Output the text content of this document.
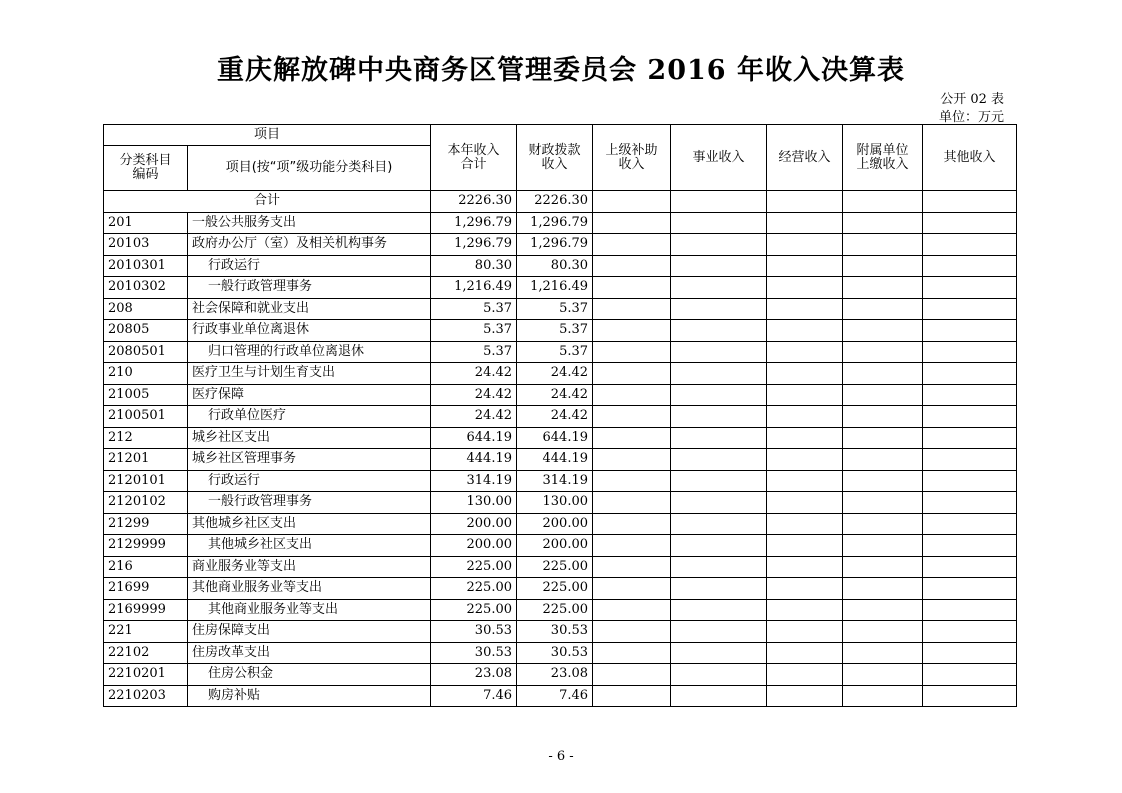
重庆解放碑中央商务区管理委员会 2016 年收入决算表
公开 02 表
单位：万元
项目		本年收入合计	财政拨款收入	上级补助收入	事业收入	经营收入	附属单位上缴收入	其他收入
分类科目编码	项目(按“项”级功能分类科目)							
合计		2226.30	2226.30					
201	一般公共服务支出	1,296.79	1,296.79					
20103	政府办公厅（室）及相关机构事务	1,296.79	1,296.79					
2010301	行政运行	80.30	80.30					
2010302	一般行政管理事务	1,216.49	1,216.49					
208	社会保障和就业支出	5.37	5.37					
20805	行政事业单位离退休	5.37	5.37					
2080501	归口管理的行政单位离退休	5.37	5.37					
210	医疗卫生与计划生育支出	24.42	24.42					
21005	医疗保障	24.42	24.42					
2100501	行政单位医疗	24.42	24.42					
212	城乡社区支出	644.19	644.19					
21201	城乡社区管理事务	444.19	444.19					
2120101	行政运行	314.19	314.19					
2120102	一般行政管理事务	130.00	130.00					
21299	其他城乡社区支出	200.00	200.00					
2129999	其他城乡社区支出	200.00	200.00					
216	商业服务业等支出	225.00	225.00					
21699	其他商业服务业等支出	225.00	225.00					
2169999	其他商业服务业等支出	225.00	225.00					
221	住房保障支出	30.53	30.53					
22102	住房改革支出	30.53	30.53					
2210201	住房公积金	23.08	23.08					
2210203	购房补贴	7.46	7.46					
- 6 -
